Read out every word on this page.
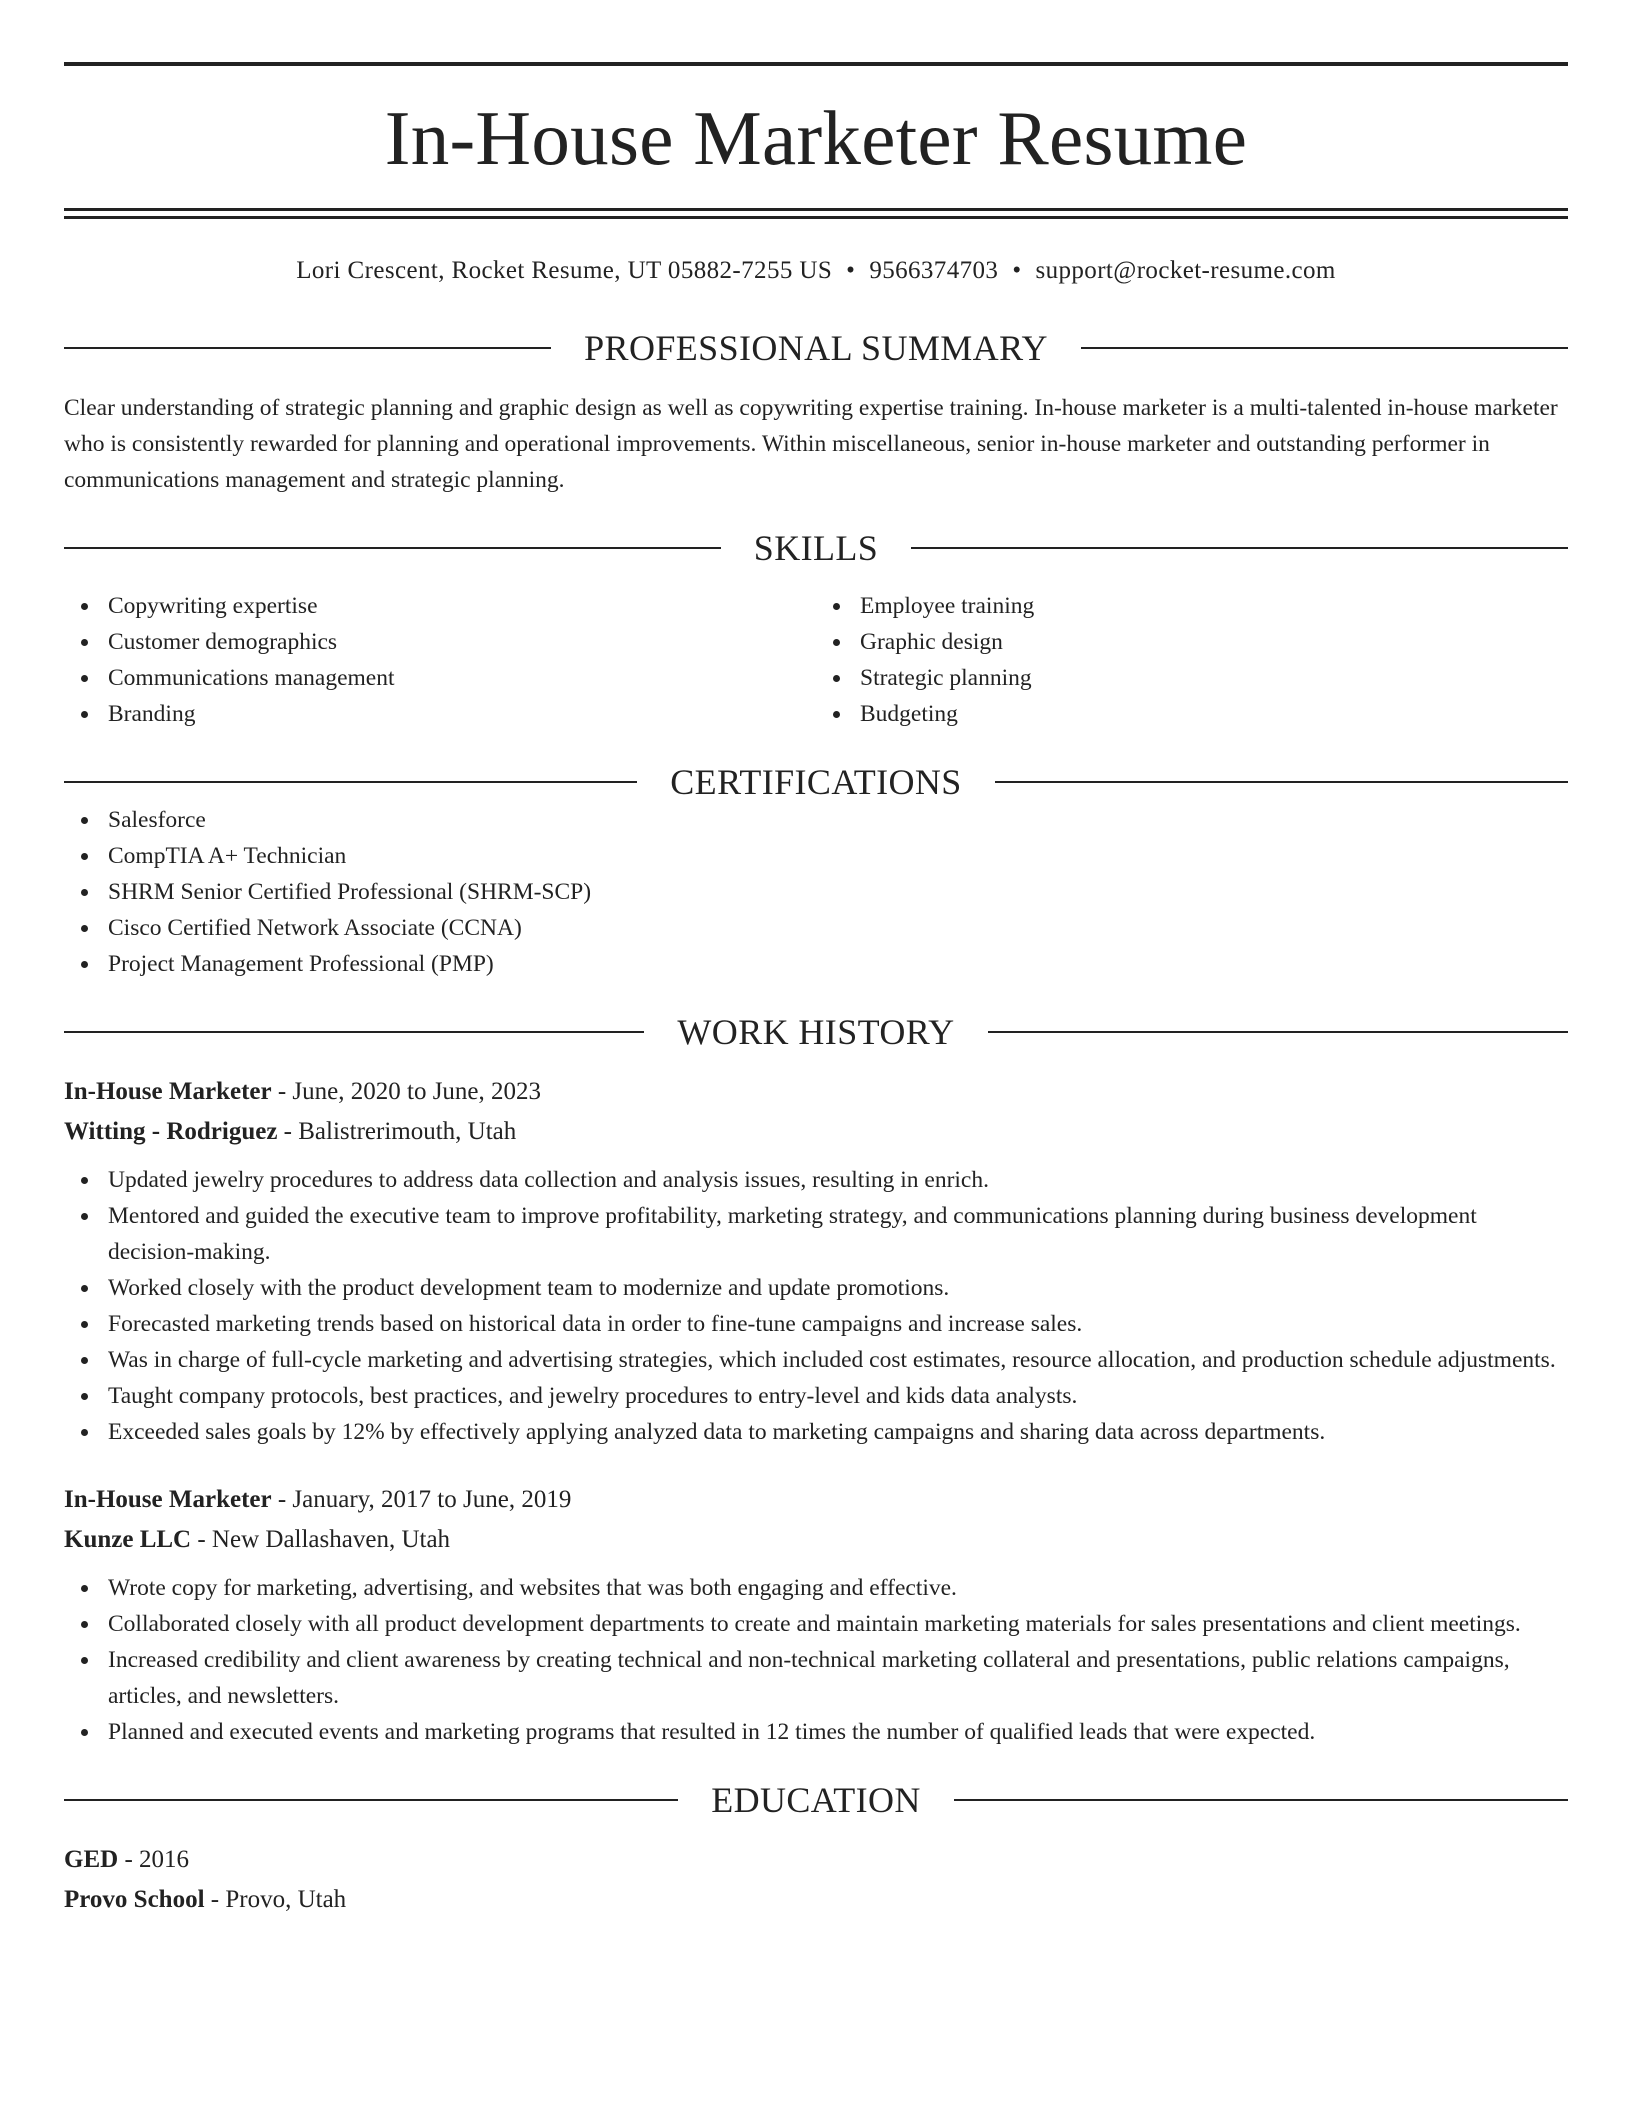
In-House Marketer Resume
Lori Crescent, Rocket Resume, UT 05882-7255 US • 9566374703 • support@rocket-resume.com
PROFESSIONAL SUMMARY

Clear understanding of strategic planning and graphic design as well as copywriting expertise training. In-house marketer is a multi-talented in-house marketer who is consistently rewarded for planning and operational improvements. Within miscellaneous, senior in-house marketer and outstanding performer in communications management and strategic planning.

SKILLS
Copywriting expertise
Customer demographics
Communications management
Branding
Employee training
Graphic design
Strategic planning
Budgeting
CERTIFICATIONS
Salesforce
CompTIA A+ Technician
SHRM Senior Certified Professional (SHRM-SCP)
Cisco Certified Network Associate (CCNA)
Project Management Professional (PMP)
WORK HISTORY
In-House Marketer - June, 2020 to June, 2023
Witting - Rodriguez - Balistrerimouth, Utah
Updated jewelry procedures to address data collection and analysis issues, resulting in enrich.
Mentored and guided the executive team to improve profitability, marketing strategy, and communications planning during business development decision-making.
Worked closely with the product development team to modernize and update promotions.
Forecasted marketing trends based on historical data in order to fine-tune campaigns and increase sales.
Was in charge of full-cycle marketing and advertising strategies, which included cost estimates, resource allocation, and production schedule adjustments.
Taught company protocols, best practices, and jewelry procedures to entry-level and kids data analysts.
Exceeded sales goals by 12% by effectively applying analyzed data to marketing campaigns and sharing data across departments.
In-House Marketer - January, 2017 to June, 2019
Kunze LLC - New Dallashaven, Utah
Wrote copy for marketing, advertising, and websites that was both engaging and effective.
Collaborated closely with all product development departments to create and maintain marketing materials for sales presentations and client meetings.
Increased credibility and client awareness by creating technical and non-technical marketing collateral and presentations, public relations campaigns, articles, and newsletters.
Planned and executed events and marketing programs that resulted in 12 times the number of qualified leads that were expected.
EDUCATION
GED - 2016
Provo School - Provo, Utah
